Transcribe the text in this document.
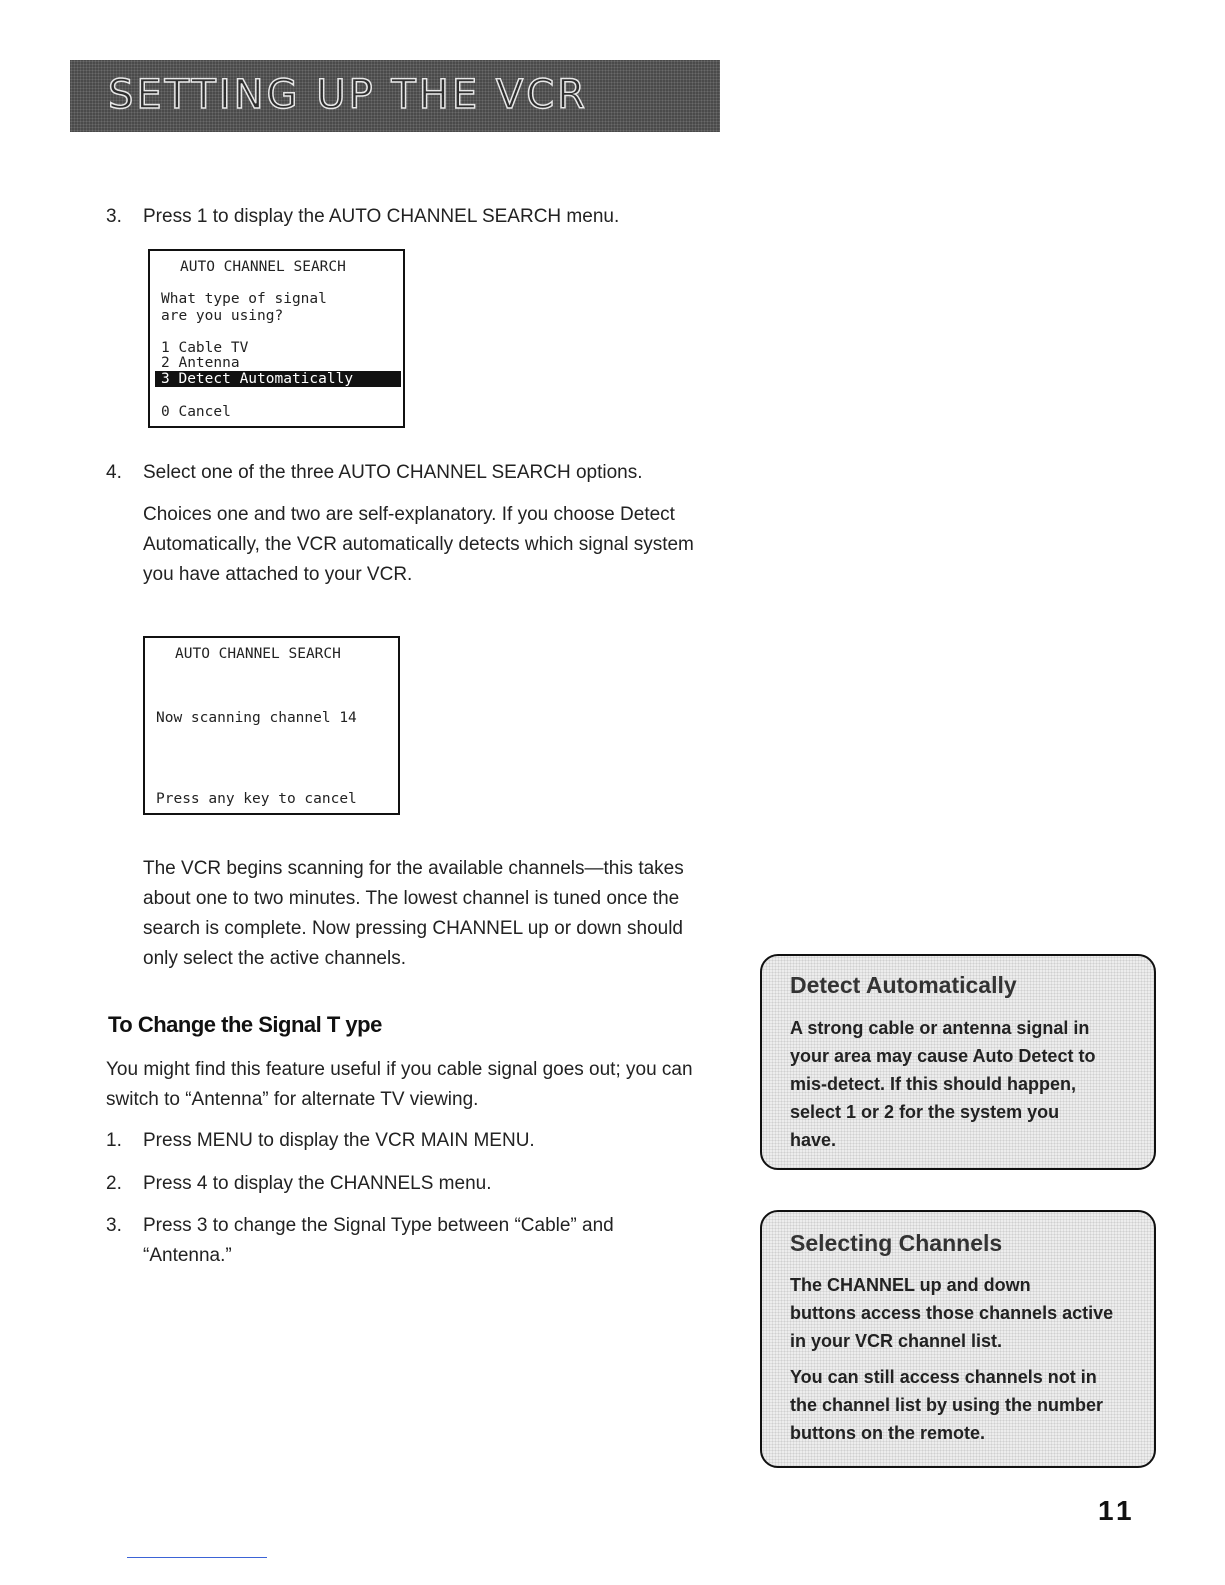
SETTING UP THE VCR
3.	Press 1 to display the AUTO CHANNEL SEARCH menu.
AUTO CHANNEL SEARCH
What type of signal
are you using?
1 Cable TV
2 Antenna
3 Detect Automatically
0 Cancel
4.	Select one of the three AUTO CHANNEL SEARCH options.
Choices one and two are self-explanatory. If you choose Detect
Automatically, the VCR automatically detects which signal system
you have attached to your VCR.
AUTO CHANNEL SEARCH
Now scanning channel 14
Press any key to cancel
The VCR begins scanning for the available channels—this takes
about one to two minutes. The lowest channel is tuned once the
search is complete. Now pressing CHANNEL up or down should
only select the active channels.
To Change the Signal T ype
You might find this feature useful if you cable signal goes out; you can
switch to “Antenna” for alternate TV viewing.
1.	Press MENU to display the VCR MAIN MENU.
2.	Press 4 to display the CHANNELS menu.
3.	Press 3 to change the Signal Type between “Cable” and
“Antenna.”
Detect Automatically
A strong cable or antenna signal in
your area may cause Auto Detect to
mis-detect. If this should happen,
select 1 or 2 for the system you
have.
Selecting Channels
The CHANNEL up and down
buttons access those channels active
in your VCR channel list.
You can still access channels not in
the channel list by using the number
buttons on the remote.
11
